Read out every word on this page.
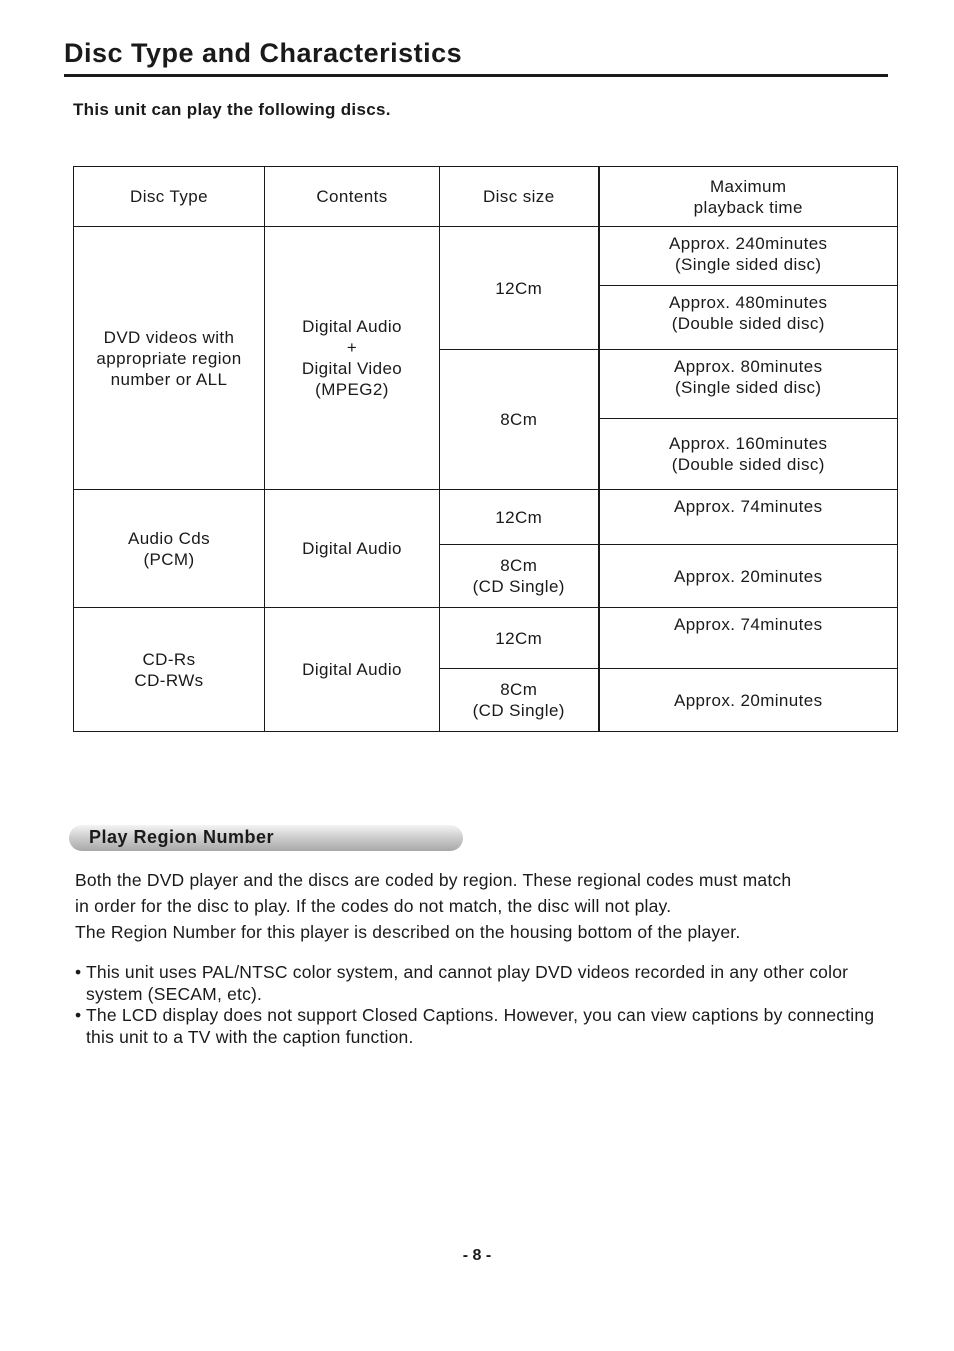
Disc Type and Characteristics
This unit can play the following discs.
Disc Type	Contents	Disc size	Maximum
playback time
DVD videos with
appropriate region
number or ALL	Digital Audio
+
Digital Video
(MPEG2)	12Cm	Approx. 240minutes
(Single sided disc)
			Approx. 480minutes
(Double sided disc)
		8Cm	Approx. 80minutes
(Single sided disc)
			Approx. 160minutes
(Double sided disc)
Audio Cds
(PCM)	Digital Audio	12Cm	Approx. 74minutes
		8Cm
(CD Single)	Approx. 20minutes
CD-Rs
CD-RWs	Digital Audio	12Cm	Approx. 74minutes
		8Cm
(CD Single)	Approx. 20minutes
Play Region Number

Both the DVD player and the discs are coded by region. These regional codes must match

in order for the disc to play. If the codes do not match, the disc will not play.

The Region Number for this player is described on the housing bottom of the player.

• This unit uses PAL/NTSC color system, and cannot play DVD videos recorded in any other color system (SECAM, etc).
• The LCD display does not support Closed Captions. However, you can view captions by connecting this unit to a TV with the caption function.
- 8 -
